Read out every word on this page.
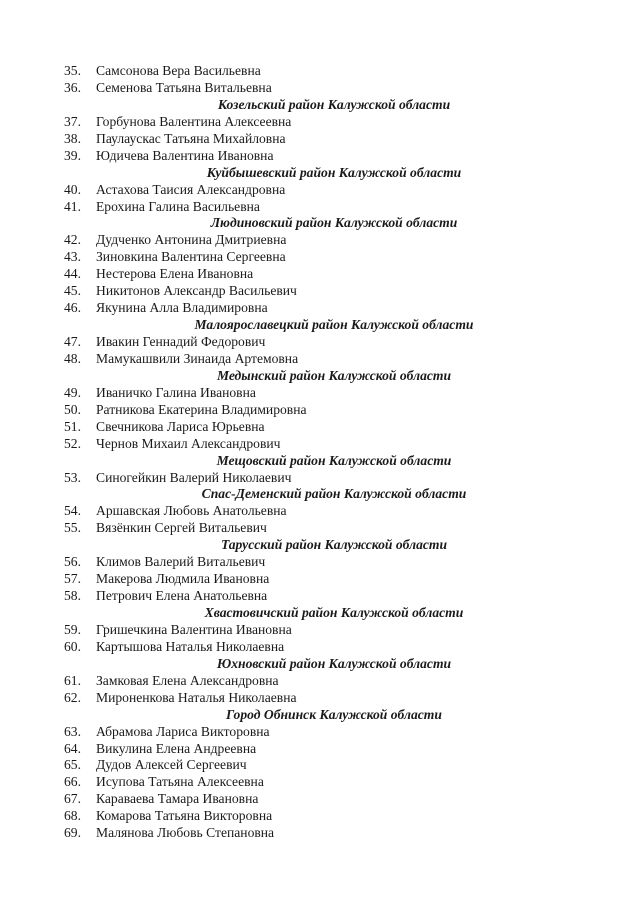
35.	Самсонова Вера Васильевна
36.	Семенова Татьяна Витальевна
Козельский район Калужской области
37.	Горбунова Валентина Алексеевна
38.	Паулаускас Татьяна Михайловна
39.	Юдичева Валентина Ивановна
Куйбышевский район Калужской области
40.	Астахова Таисия Александровна
41.	Ерохина Галина Васильевна
Людиновский район Калужской области
42.	Дудченко Антонина Дмитриевна
43.	Зиновкина Валентина Сергеевна
44.	Нестерова Елена Ивановна
45.	Никитонов Александр Васильевич
46.	Якунина Алла Владимировна
Малоярославецкий район Калужской области
47.	Ивакин Геннадий Федорович
48.	Мамукашвили Зинаида Артемовна
Медынский район Калужской области
49.	Иваничко Галина Ивановна
50.	Ратникова Екатерина Владимировна
51.	Свечникова Лариса Юрьевна
52.	Чернов Михаил Александрович
Мещовский район Калужской области
53.	Синогейкин Валерий Николаевич
Спас-Деменский район Калужской области
54.	Аршавская Любовь Анатольевна
55.	Вязёнкин Сергей Витальевич
Тарусский район Калужской области
56.	Климов Валерий Витальевич
57.	Макерова Людмила Ивановна
58.	Петрович Елена Анатольевна
Хвастовичский район Калужской области
59.	Гришечкина Валентина Ивановна
60.	Картышова Наталья Николаевна
Юхновский район Калужской области
61.	Замковая Елена Александровна
62.	Мироненкова Наталья Николаевна
Город Обнинск Калужской области
63.	Абрамова Лариса Викторовна
64.	Викулина Елена Андреевна
65.	Дудов Алексей Сергеевич
66.	Исупова Татьяна Алексеевна
67.	Караваева Тамара Ивановна
68.	Комарова Татьяна Викторовна
69.	Малянова Любовь Степановна
